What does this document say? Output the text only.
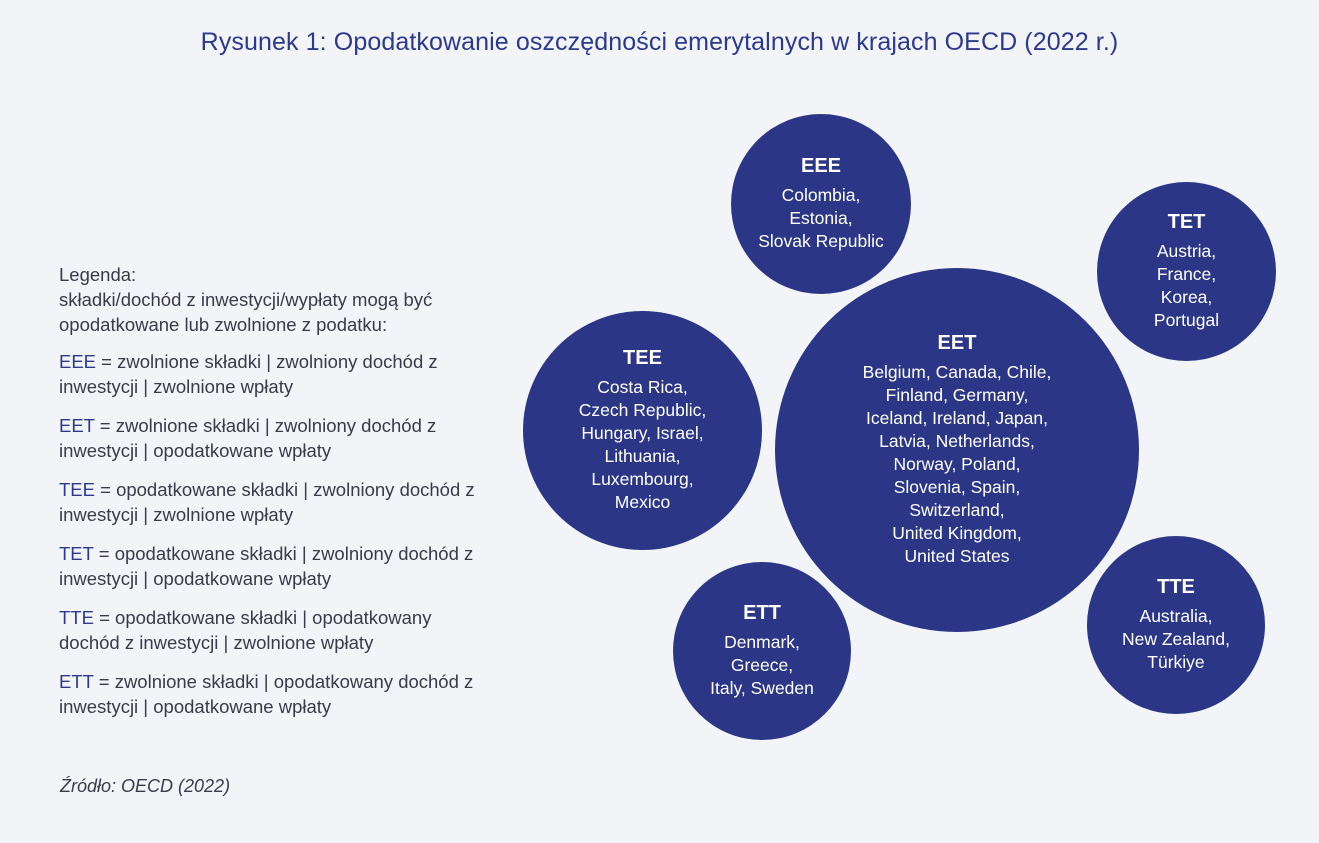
Rysunek 1: Opodatkowanie oszczędności emerytalnych w krajach OECD (2022 r.)
Legenda:
składki/dochód z inwestycji/wypłaty mogą być opodatkowane lub zwolnione z podatku:
EEE = zwolnione składki | zwolniony dochód z inwestycji | zwolnione wpłaty
EET = zwolnione składki | zwolniony dochód z inwestycji | opodatkowane wpłaty
TEE = opodatkowane składki | zwolniony dochód z inwestycji | zwolnione wpłaty
TET = opodatkowane składki | zwolniony dochód z inwestycji | opodatkowane wpłaty
TTE = opodatkowane składki | opodatkowany dochód z inwestycji | zwolnione wpłaty
ETT = zwolnione składki | opodatkowany dochód z inwestycji | opodatkowane wpłaty
Źródło: OECD (2022)
EEE
Colombia,
Estonia,
Slovak Republic
TET
Austria,
France,
Korea,
Portugal
TEE
Costa Rica,
Czech Republic,
Hungary, Israel,
Lithuania,
Luxembourg,
Mexico
EET
Belgium, Canada, Chile,
Finland, Germany,
Iceland, Ireland, Japan,
Latvia, Netherlands,
Norway, Poland,
Slovenia, Spain,
Switzerland,
United Kingdom,
United States
ETT
Denmark,
Greece,
Italy, Sweden
TTE
Australia,
New Zealand,
Türkiye
